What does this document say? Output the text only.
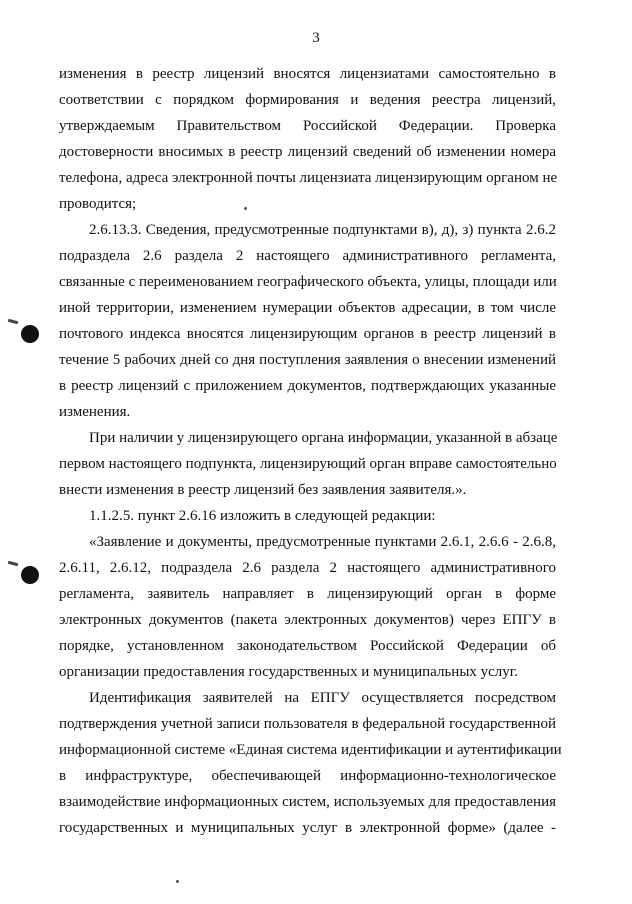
3
изменения в реестр лицензий вносятся лицензиатами самостоятельно в
соответствии с порядком формирования и ведения реестра лицензий,
утверждаемым Правительством Российской Федерации. Проверка
достоверности вносимых в реестр лицензий сведений об изменении номера
телефона, адреса электронной почты лицензиата лицензирующим органом не
проводится;
2.6.13.3. Сведения, предусмотренные подпунктами в), д), з) пункта 2.6.2
подраздела 2.6 раздела 2 настоящего административного регламента,
связанные с переименованием географического объекта, улицы, площади или
иной территории, изменением нумерации объектов адресации, в том числе
почтового индекса вносятся лицензирующим органов в реестр лицензий в
течение 5 рабочих дней со дня поступления заявления о внесении изменений
в реестр лицензий с приложением документов, подтверждающих указанные
изменения.
При наличии у лицензирующего органа информации, указанной в абзаце
первом настоящего подпункта, лицензирующий орган вправе самостоятельно
внести изменения в реестр лицензий без заявления заявителя.».
1.1.2.5. пункт 2.6.16 изложить в следующей редакции:
«Заявление и документы, предусмотренные пунктами 2.6.1, 2.6.6 - 2.6.8,
2.6.11, 2.6.12, подраздела 2.6 раздела 2 настоящего административного
регламента, заявитель направляет в лицензирующий орган в форме
электронных документов (пакета электронных документов) через ЕПГУ в
порядке, установленном законодательством Российской Федерации об
организации предоставления государственных и муниципальных услуг.
Идентификация заявителей на ЕПГУ осуществляется посредством
подтверждения учетной записи пользователя в федеральной государственной
информационной системе «Единая система идентификации и аутентификации
в инфраструктуре, обеспечивающей информационно-технологическое
взаимодействие информационных систем, используемых для предоставления
государственных и муниципальных услуг в электронной форме» (далее -
